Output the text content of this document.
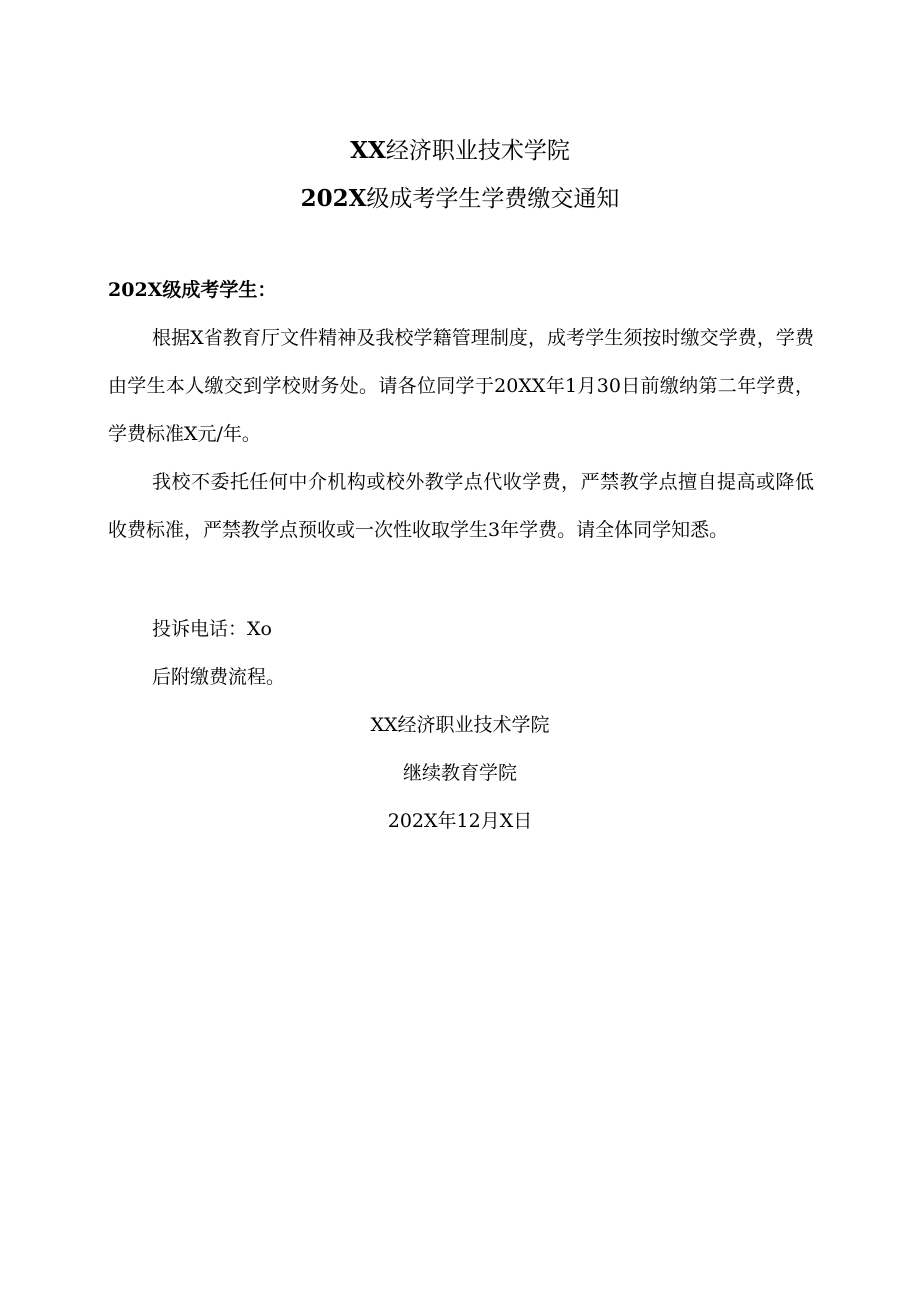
XX经济职业技术学院
202X级成考学生学费缴交通知
202X级成考学生：

根据X省教育厅文件精神及我校学籍管理制度，成考学生须按时缴交学费，学费由学生本人缴交到学校财务处。请各位同学于20XX年1月30日前缴纳第二年学费，学费标准X元/年。

我校不委托任何中介机构或校外教学点代收学费，严禁教学点擅自提高或降低收费标准，严禁教学点预收或一次性收取学生3年学费。请全体同学知悉。

投诉电话：Xo
后附缴费流程。
XX经济职业技术学院
继续教育学院
202X年12月X日
